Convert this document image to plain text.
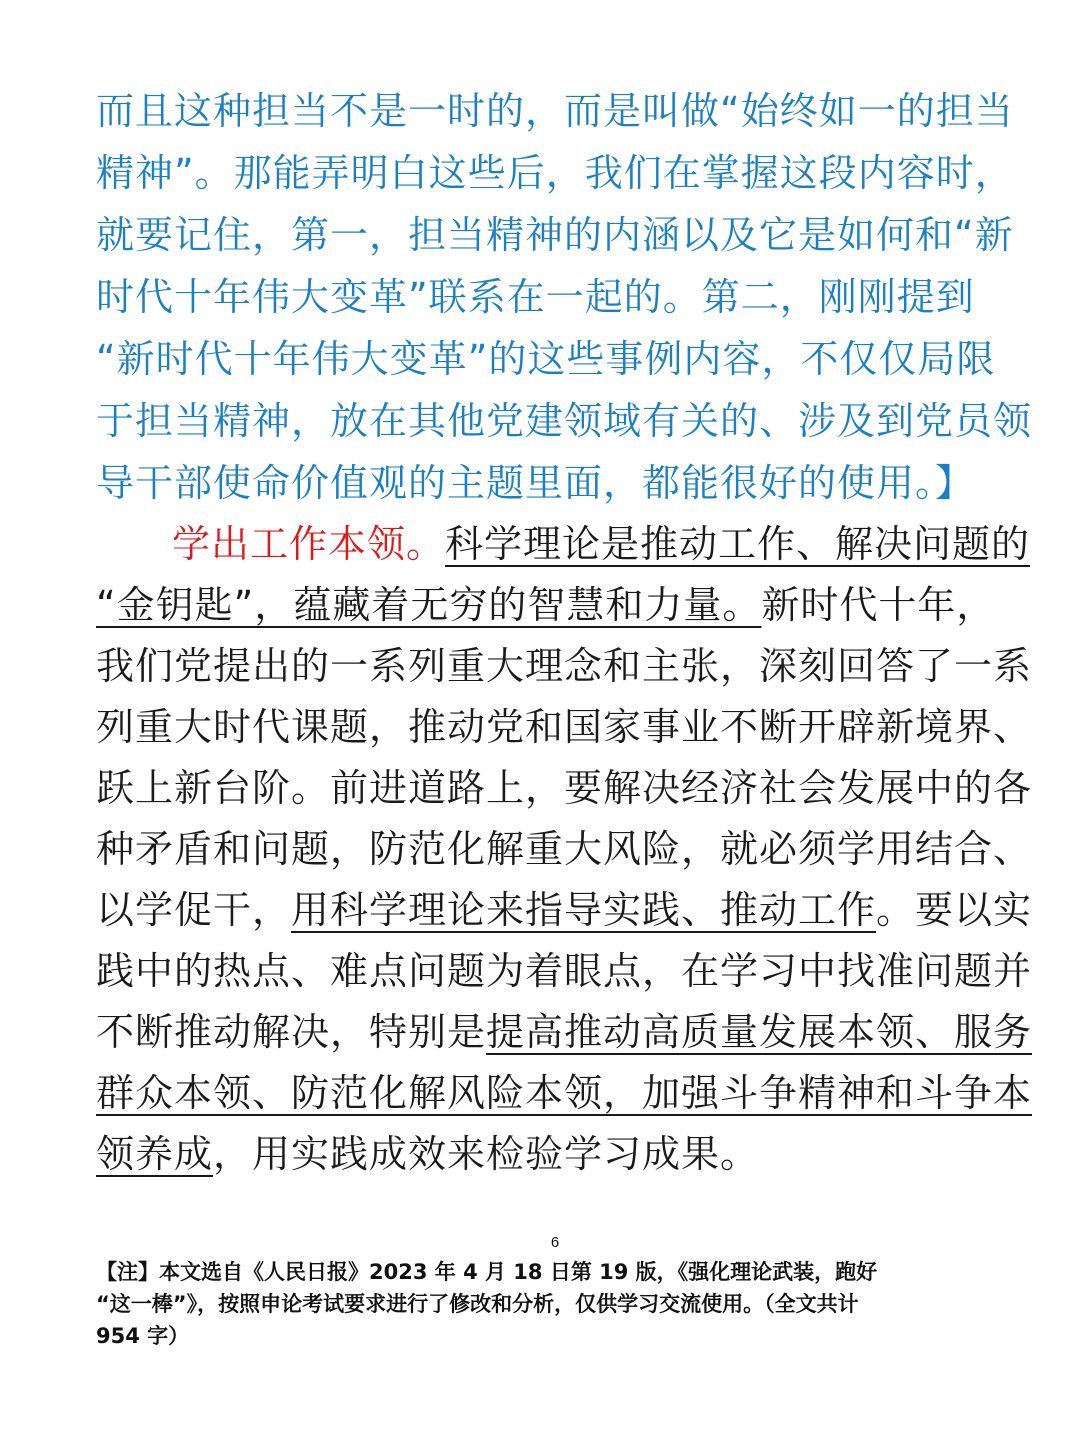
而且这种担当不是一时的，而是叫做“始终如一的担当
精神”。那能弄明白这些后，我们在掌握这段内容时，
就要记住，第一，担当精神的内涵以及它是如何和“新
时代十年伟大变革”联系在一起的。第二，刚刚提到
“新时代十年伟大变革”的这些事例内容，不仅仅局限
于担当精神，放在其他党建领域有关的、涉及到党员领
导干部使命价值观的主题里面，都能很好的使用。】
学出工作本领。科学理论是推动工作、解决问题的
“金钥匙”，蕴藏着无穷的智慧和力量。新时代十年，
我们党提出的一系列重大理念和主张，深刻回答了一系
列重大时代课题，推动党和国家事业不断开辟新境界、
跃上新台阶。前进道路上，要解决经济社会发展中的各
种矛盾和问题，防范化解重大风险，就必须学用结合、
以学促干，用科学理论来指导实践、推动工作。要以实
践中的热点、难点问题为着眼点，在学习中找准问题并
不断推动解决，特别是提高推动高质量发展本领、服务
群众本领、防范化解风险本领，加强斗争精神和斗争本
领养成，用实践成效来检验学习成果。
6
【注】本文选自《人民日报》2023 年 4 月 18 日第 19 版，《强化理论武装，跑好
“这一棒”》，按照申论考试要求进行了修改和分析，仅供学习交流使用。（全文共计
954 字）
